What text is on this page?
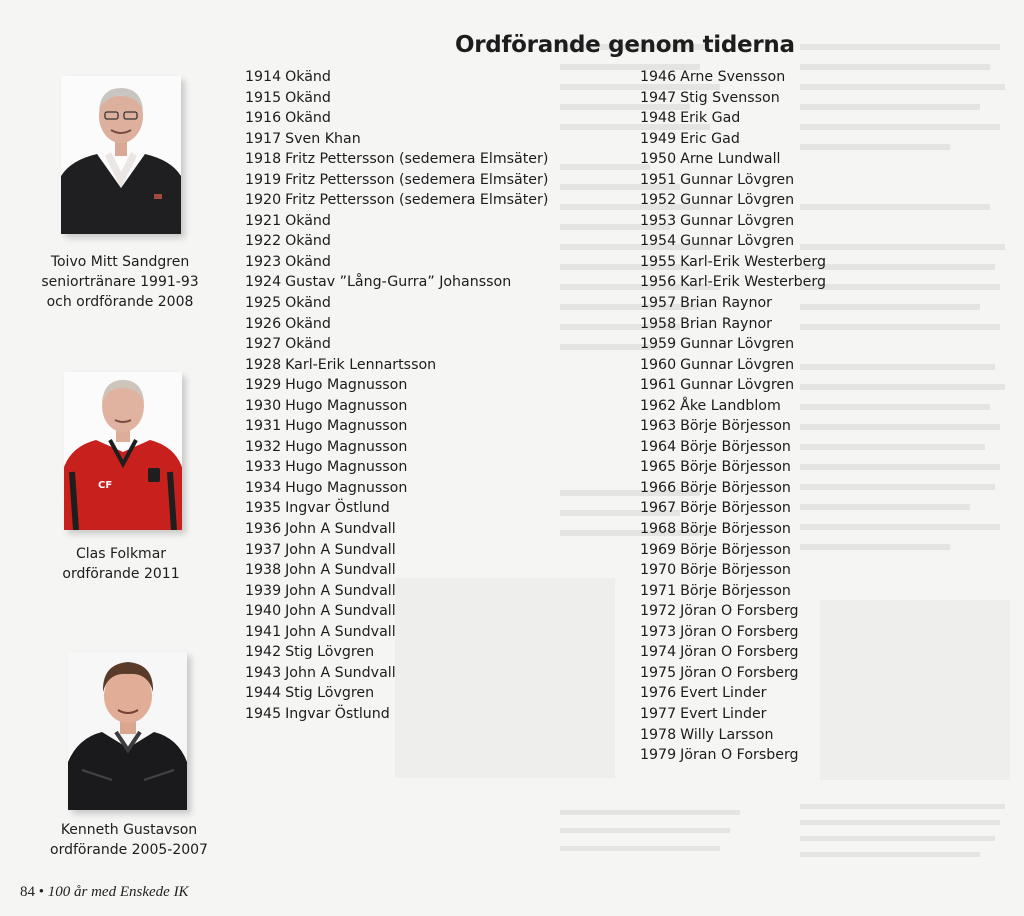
Ordförande genom tiderna
Toivo Mitt Sandgren
seniortränare 1991-93
och ordförande 2008
CF
Clas Folkmar
ordförande 2011
Kenneth Gustavson
ordförande 2005-2007
1914 Okänd
1915 Okänd
1916 Okänd
1917 Sven Khan
1918 Fritz Pettersson (sedemera Elmsäter)
1919 Fritz Pettersson (sedemera Elmsäter)
1920 Fritz Pettersson (sedemera Elmsäter)
1921 Okänd
1922 Okänd
1923 Okänd
1924 Gustav ”Lång-Gurra” Johansson
1925 Okänd
1926 Okänd
1927 Okänd
1928 Karl-Erik Lennartsson
1929 Hugo Magnusson
1930 Hugo Magnusson
1931 Hugo Magnusson
1932 Hugo Magnusson
1933 Hugo Magnusson
1934 Hugo Magnusson
1935 Ingvar Östlund
1936 John A Sundvall
1937 John A Sundvall
1938 John A Sundvall
1939 John A Sundvall
1940 John A Sundvall
1941 John A Sundvall
1942 Stig Lövgren
1943 John A Sundvall
1944 Stig Lövgren
1945 Ingvar Östlund
1946 Arne Svensson
1947 Stig Svensson
1948 Erik Gad
1949 Eric Gad
1950 Arne Lundwall
1951 Gunnar Lövgren
1952 Gunnar Lövgren
1953 Gunnar Lövgren
1954 Gunnar Lövgren
1955 Karl-Erik Westerberg
1956 Karl-Erik Westerberg
1957 Brian Raynor
1958 Brian Raynor
1959 Gunnar Lövgren
1960 Gunnar Lövgren
1961 Gunnar Lövgren
1962 Åke Landblom
1963 Börje Börjesson
1964 Börje Börjesson
1965 Börje Börjesson
1966 Börje Börjesson
1967 Börje Börjesson
1968 Börje Börjesson
1969 Börje Börjesson
1970 Börje Börjesson
1971 Börje Börjesson
1972 Jöran O Forsberg
1973 Jöran O Forsberg
1974 Jöran O Forsberg
1975 Jöran O Forsberg
1976 Evert Linder
1977 Evert Linder
1978 Willy Larsson
1979 Jöran O Forsberg
84 • 100 år med Enskede IK
